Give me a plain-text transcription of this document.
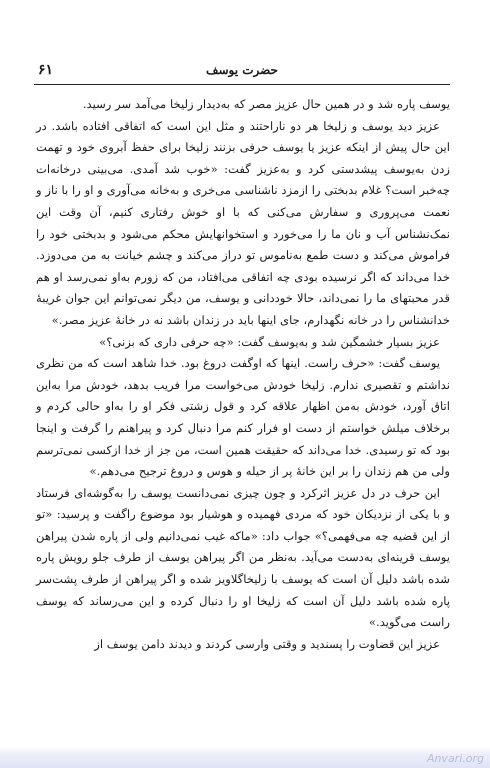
حضرت یوسف
۶۱

یوسف پاره شد و در همین حال عزیز مصر که به‌دیدار زلیخا می‌آمد سر رسید.

عزیز دید یوسف و زلیخا هر دو ناراحتند و مثل این است که اتفاقی افتاده باشد. در این حال پیش از اینکه عزیز یا یوسف حرفی بزنند زلیخا برای حفظ آبروی خود و تهمت زدن به‌یوسف پیشدستی کرد و به‌عزیز گفت: «خوب شد آمدی. می‌بینی درخانه‌ات چه‌خبر است؟ غلام بدبختی را ازمزد ناشناسی می‌خری و به‌خانه می‌آوری و او را با ناز و نعمت می‌پروری و سفارش می‌کنی که با او خوش رفتاری کنیم، آن وقت این نمک‌نشناس آب و نان ما را می‌خورد و استخوانهایش محکم می‌شود و بدبختی خود را فراموش می‌کند و دست طمع به‌ناموس تو دراز می‌کند و چشم خیانت به من می‌دوزد. خدا می‌داند که اگر نرسیده بودی چه اتفاقی می‌افتاد، من که زورم به‌او نمی‌رسد او هم قدر محبتهای ما را نمی‌داند، حالا خوددانی و یوسف، من دیگر نمی‌توانم این جوان غریبهٔ خدانشناس را در خانه نگهدارم، جای اینها باید در زندان باشد نه در خانهٔ عزیز مصر.»

عزیز بسیار خشمگین شد و به‌یوسف گفت: «چه حرفی داری که بزنی؟»

یوسف گفت: «حرف راست. اینها که اوگفت دروغ بود. خدا شاهد است که من نظری نداشتم و تقصیری ندارم. زلیخا خودش می‌خواست مرا فریب بدهد، خودش مرا به‌این اتاق آورد، خودش به‌من اظهار علاقه کرد و قول زشتی فکر او را به‌او حالی کردم و برخلاف میلش خواستم از دست او فرار کنم مرا دنبال کرد و پیراهنم را گرفت و اینجا بود که تو رسیدی. خدا می‌داند که حقیقت همین است، من جز از خدا ازکسی نمی‌ترسم ولی من هم زندان را بر این خانهٔ پر از حیله و هوس و دروغ ترجیح می‌دهم.»

این حرف در دل عزیز اثرکرد و چون چیزی نمی‌دانست یوسف را به‌گوشه‌ای فرستاد و با یکی از نزدیکان خود که مردی فهمیده و هوشیار بود موضوع راگفت و پرسید: «تو از این قضیه چه می‌فهمی؟» جواب داد: «ماکه غیب نمی‌دانیم ولی از پاره شدن پیراهن یوسف قرینه‌ای به‌دست می‌آید. به‌نظر من اگر پیراهن یوسف از طرف جلو رویش پاره شده باشد دلیل آن است که یوسف با زلیخاگلاویز شده و اگر پیراهن از طرف پشت‌سر پاره شده باشد دلیل آن است که زلیخا او را دنبال کرده و این می‌رساند که یوسف راست می‌گوید.»

عزیز این قضاوت را پسندید و وقتی وارسی کردند و دیدند دامن یوسف از

Anvari.org
